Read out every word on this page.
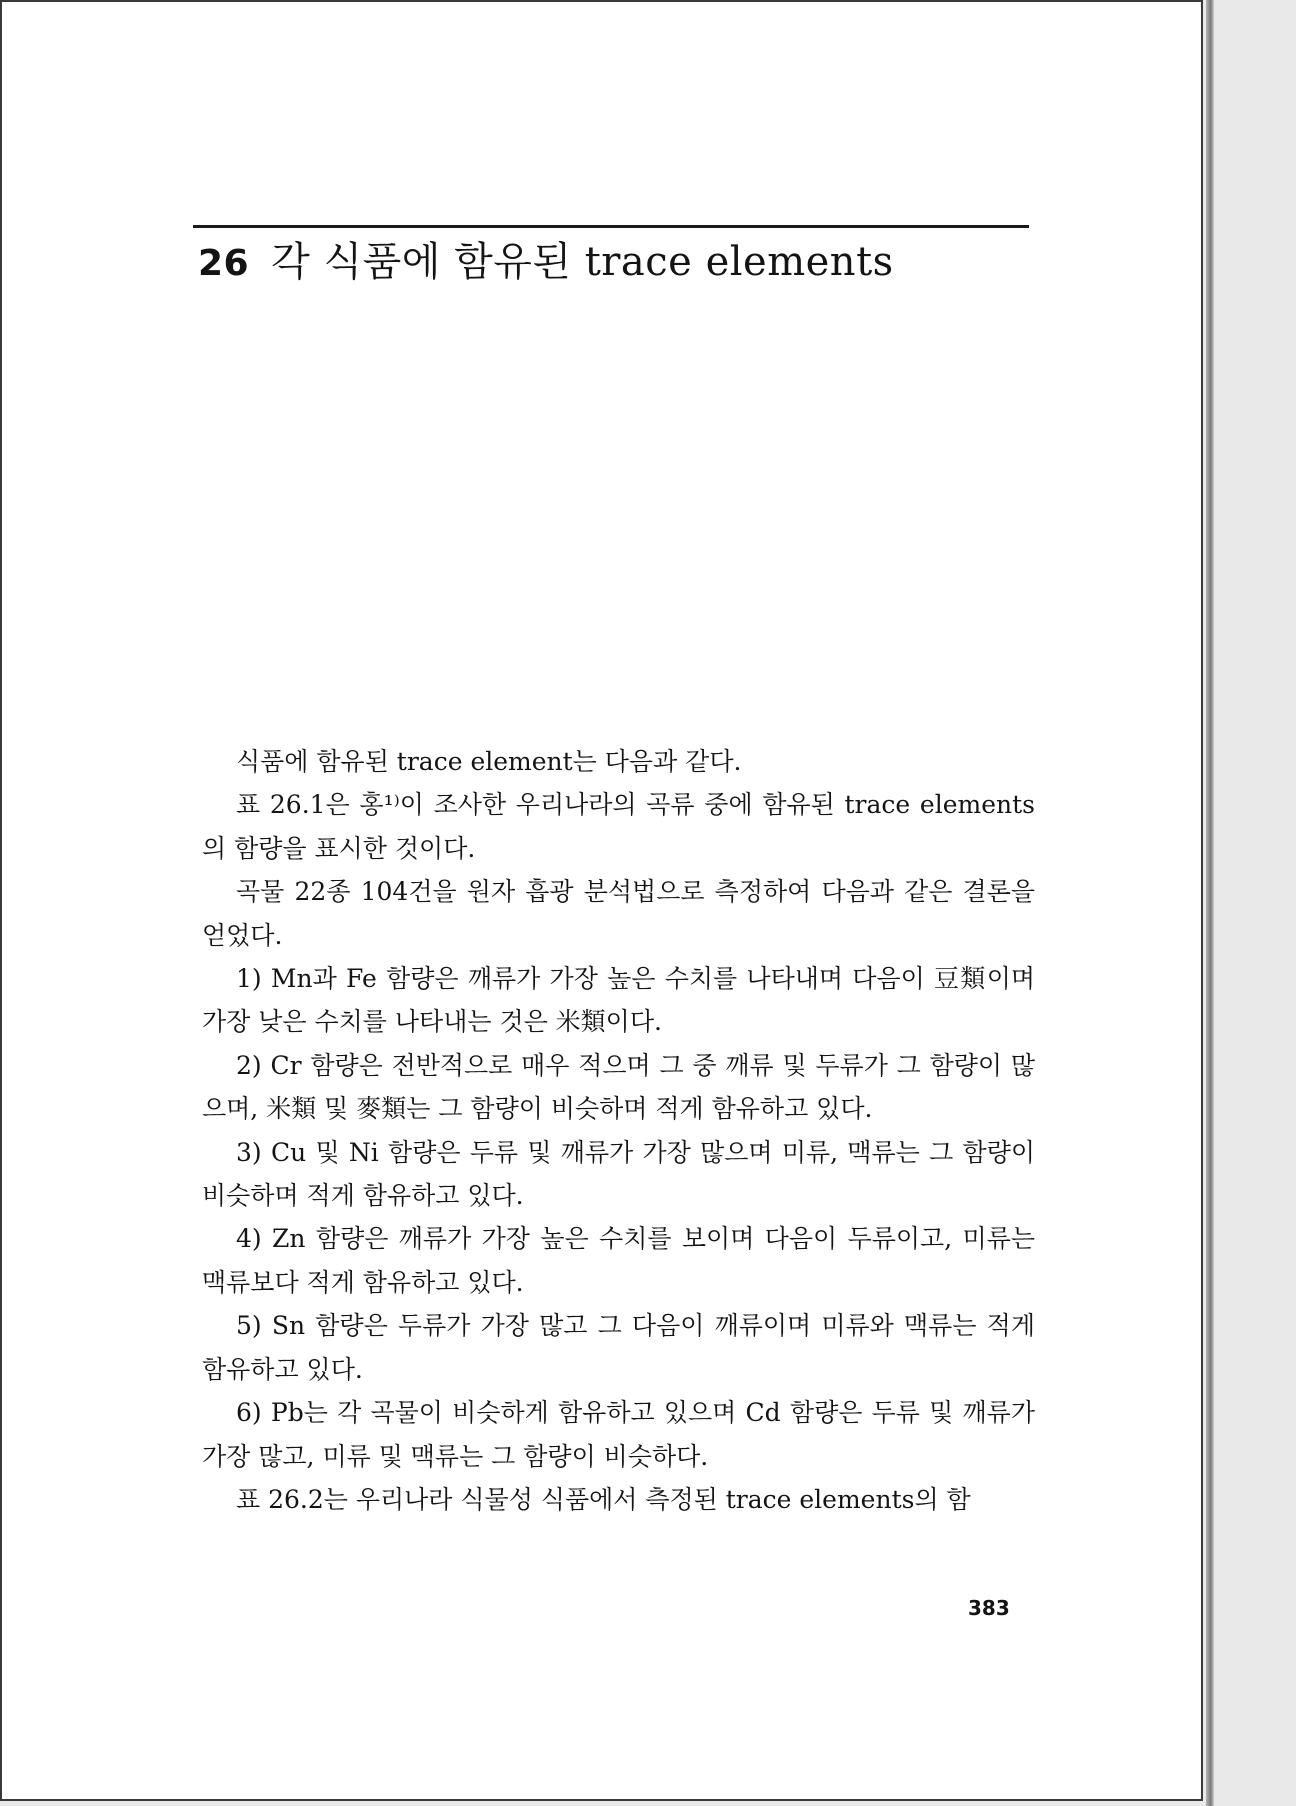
26 각 식품에 함유된 trace elements

식품에 함유된 trace element는 다음과 같다.

표 26.1은 홍¹⁾이 조사한 우리나라의 곡류 중에 함유된 trace elements의 함량을 표시한 것이다.

곡물 22종 104건을 원자 흡광 분석법으로 측정하여 다음과 같은 결론을 얻었다.

1) Mn과 Fe 함량은 깨류가 가장 높은 수치를 나타내며 다음이 豆類이며 가장 낮은 수치를 나타내는 것은 米類이다.

2) Cr 함량은 전반적으로 매우 적으며 그 중 깨류 및 두류가 그 함량이 많으며, 米類 및 麥類는 그 함량이 비슷하며 적게 함유하고 있다.

3) Cu 및 Ni 함량은 두류 및 깨류가 가장 많으며 미류, 맥류는 그 함량이 비슷하며 적게 함유하고 있다.

4) Zn 함량은 깨류가 가장 높은 수치를 보이며 다음이 두류이고, 미류는 맥류보다 적게 함유하고 있다.

5) Sn 함량은 두류가 가장 많고 그 다음이 깨류이며 미류와 맥류는 적게 함유하고 있다.

6) Pb는 각 곡물이 비슷하게 함유하고 있으며 Cd 함량은 두류 및 깨류가 가장 많고, 미류 및 맥류는 그 함량이 비슷하다.

표 26.2는 우리나라 식물성 식품에서 측정된 trace elements의 함

383
